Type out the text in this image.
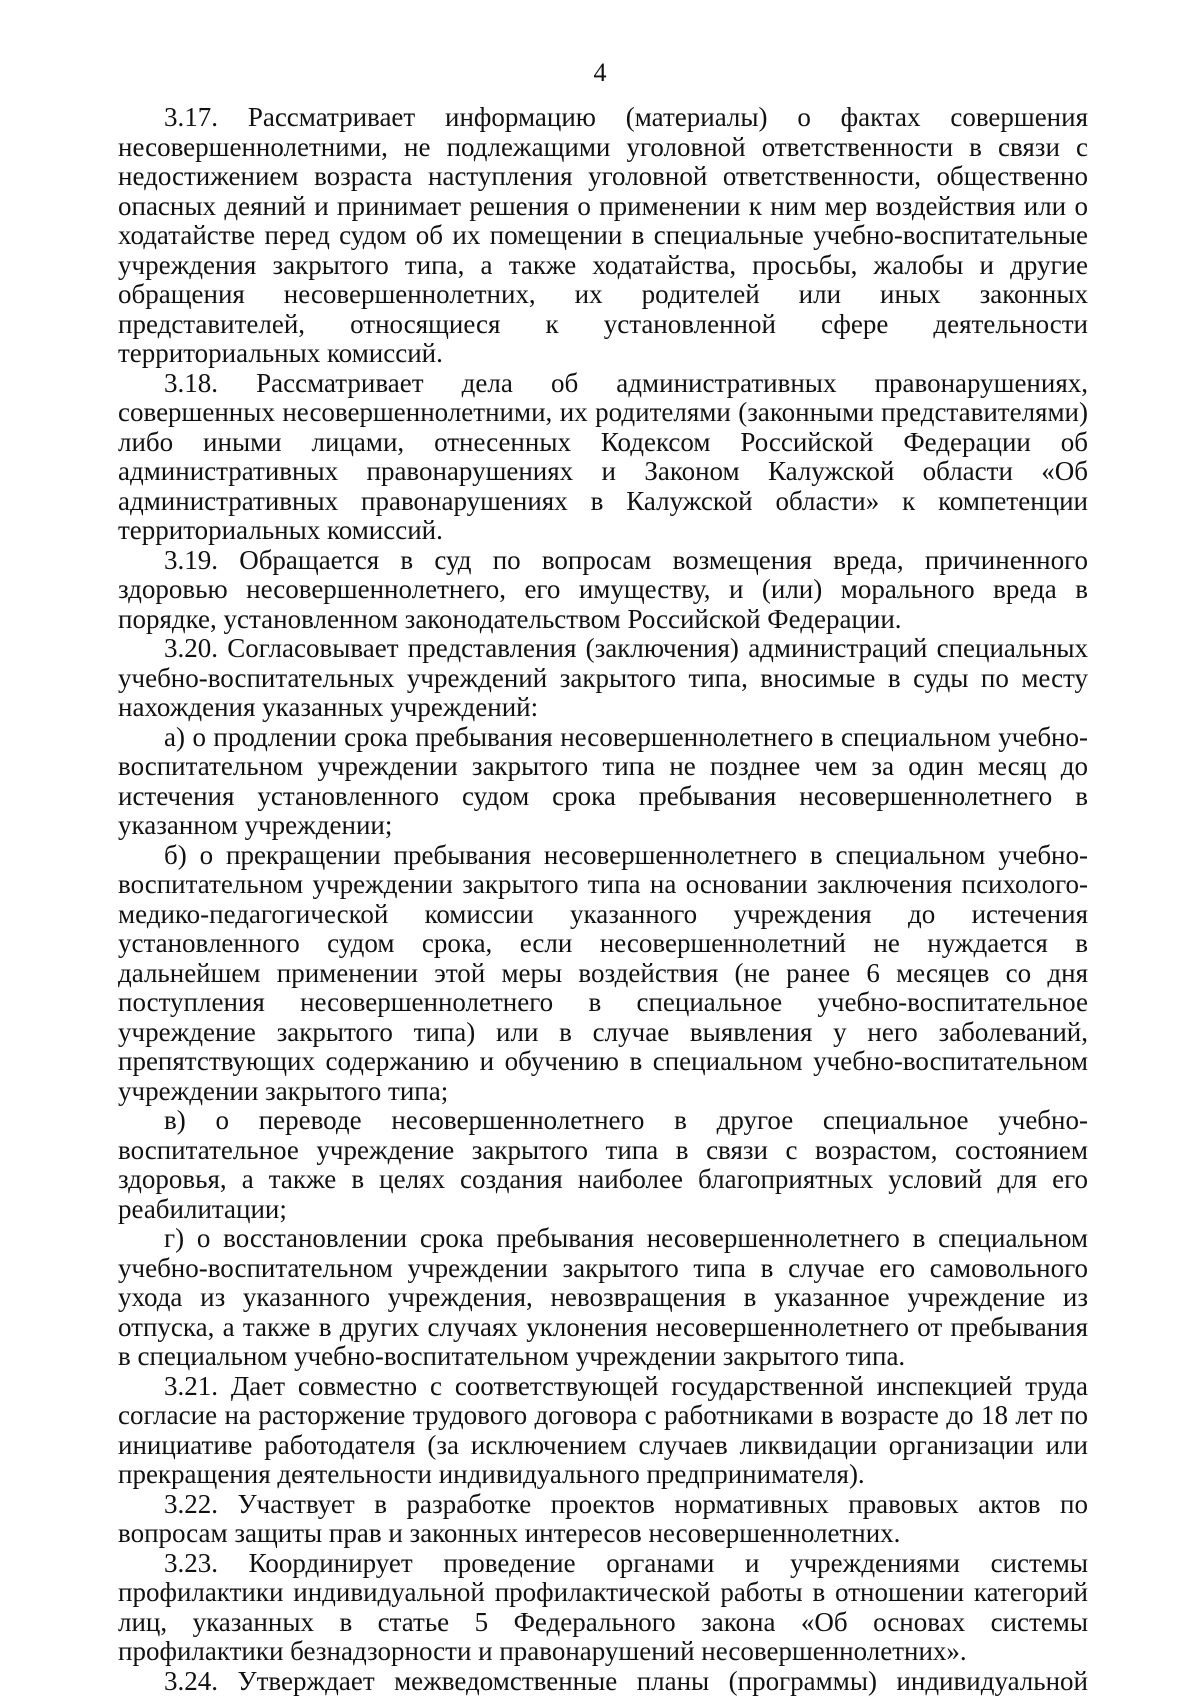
4

3.17. Рассматривает информацию (материалы) о фактах совершения несовершеннолетними, не подлежащими уголовной ответственности в связи с недостижением возраста наступления уголовной ответственности, общественно опасных деяний и принимает решения о применении к ним мер воздействия или о ходатайстве перед судом об их помещении в специальные учебно-воспитательные учреждения закрытого типа, а также ходатайства, просьбы, жалобы и другие обращения несовершеннолетних, их родителей или иных законных представителей, относящиеся к установленной сфере деятельности территориальных комиссий.

3.18. Рассматривает дела об административных правонарушениях, совершенных несовершеннолетними, их родителями (законными представителями) либо иными лицами, отнесенных Кодексом Российской Федерации об административных правонарушениях и Законом Калужской области «Об административных правонарушениях в Калужской области» к компетенции территориальных комиссий.

3.19. Обращается в суд по вопросам возмещения вреда, причиненного здоровью несовершеннолетнего, его имуществу, и (или) морального вреда в порядке, установленном законодательством Российской Федерации.

3.20. Согласовывает представления (заключения) администраций специальных учебно-воспитательных учреждений закрытого типа, вносимые в суды по месту нахождения указанных учреждений:

а) о продлении срока пребывания несовершеннолетнего в специальном учебно-воспитательном учреждении закрытого типа не позднее чем за один месяц до истечения установленного судом срока пребывания несовершеннолетнего в указанном учреждении;

б) о прекращении пребывания несовершеннолетнего в специальном учебно-воспитательном учреждении закрытого типа на основании заключения психолого-медико-педагогической комиссии указанного учреждения до истечения установленного судом срока, если несовершеннолетний не нуждается в дальнейшем применении этой меры воздействия (не ранее 6 месяцев со дня поступления несовершеннолетнего в специальное учебно-воспитательное учреждение закрытого типа) или в случае выявления у него заболеваний, препятствующих содержанию и обучению в специальном учебно-воспитательном учреждении закрытого типа;

в) о переводе несовершеннолетнего в другое специальное учебно-воспитательное учреждение закрытого типа в связи с возрастом, состоянием здоровья, а также в целях создания наиболее благоприятных условий для его реабилитации;

г) о восстановлении срока пребывания несовершеннолетнего в специальном учебно-воспитательном учреждении закрытого типа в случае его самовольного ухода из указанного учреждения, невозвращения в указанное учреждение из отпуска, а также в других случаях уклонения несовершеннолетнего от пребывания в специальном учебно-воспитательном учреждении закрытого типа.

3.21. Дает совместно с соответствующей государственной инспекцией труда согласие на расторжение трудового договора с работниками в возрасте до 18 лет по инициативе работодателя (за исключением случаев ликвидации организации или прекращения деятельности индивидуального предпринимателя).

3.22. Участвует в разработке проектов нормативных правовых актов по вопросам защиты прав и законных интересов несовершеннолетних.

3.23. Координирует проведение органами и учреждениями системы профилактики индивидуальной профилактической работы в отношении категорий лиц, указанных в статье 5 Федерального закона «Об основах системы профилактики безнадзорности и правонарушений несовершеннолетних».

3.24. Утверждает межведомственные планы (программы) индивидуальной
